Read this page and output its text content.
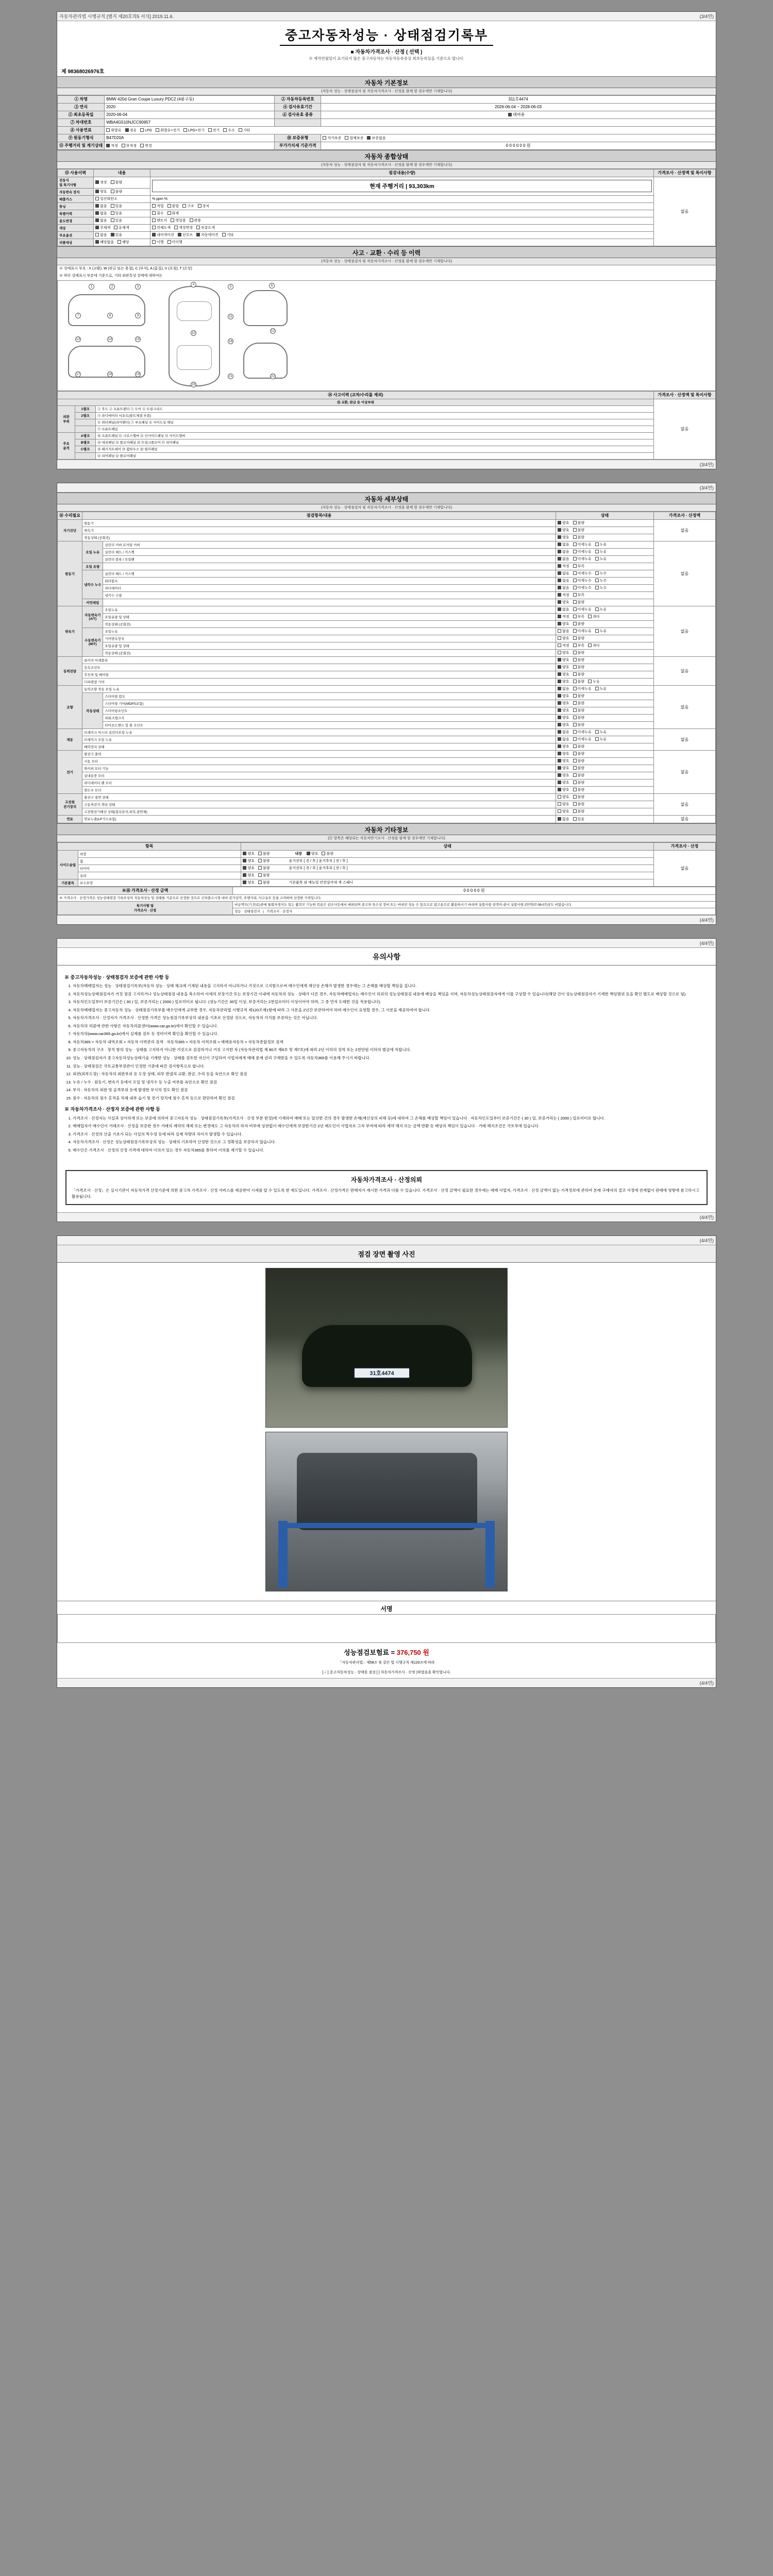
자동차관리법 시행규칙 [별지 제20호의5 서식] 2019.11.6.	(3/4면)
중고자동차성능 · 상태점검기록부
■ 자동차가격조사 · 산정 ( 선택 )
※ 제작연월일이 표기되지 않은 중고자동차는 자동차등록증상 최초등록일을 기준으로 합니다.
제 98368026976호
자동차 기본정보
(자동차 성능 · 상태점검자 및 자동차가격조사 · 산정을 함께 할 경우에만 기재합니다)
① 차명	BMW 420d Gran Coupe Luxury PDC2 (4륜구동)	② 자동차등록번호	311호4474
③ 연식	2020	④ 검사유효기간	2026-06-04 ~ 2028-06-03
⑤ 최초등록일	2020-06-04	⑥ 검사유효 종류	대여용
⑦ 차대번호	WBA4G510NJCC90957		
⑧ 사용연료	휘발유 경유 LPG 휘발유+전기 LPG+전기 전기 수소 기타		
⑨ 원동기형식	B47D20A	⑩ 보증유형	자가보증 업체보증 보증없음
⑪ 주행거리 및 계기상태	적정 부적정 변경	부가가치세 기준가격	0 0 0 0 0 0 원
자동차 종합상태
(자동차 성능 · 상태점검자 및 자동차가격조사 · 산정을 함께 할 경우에만 기재합니다)
⑬ 사용이력	내용	점검내용(수량)	가격조사 · 산정액 및 특이사항
전동식
및 특기사항	정상 불량	현재 주행거리 | 93,303km	없음
자동변속 장치	양호 불량		
배출가스	일산화탄소	% ppm %	
튜닝	없음 있음	적법 불법 구조 장치	
특별이력	없음 있음	침수 화재	
용도변경	없음 있음	렌트카 영업용 관용	
색상	무채색 유채색	전체도색 색상변경 부분도색	
주요옵션	없음 있음	내비게이션 선루프 자동에어컨 기타	
리콜대상	해당없음 해당	이행 미이행	
사고 · 교환 · 수리 등 이력
(자동차 성능 · 상태점검자 및 자동차가격조사 · 산정을 함께 할 경우에만 기재합니다)
※ 상태표시 부호 : X (교환), W (판금 또는 용접), C (부식), A (흠집), U (요철), T (손상)
※ 하단 상태표시 부분에 기준으로, 기타 외관특성 상태에 대하여는
1	2	3
4
5	6
7	8	9
10
11
12
13	14	15
16
17	18	19
20
21	22
⑭ 사고이력 (교차/수리를 제외)			가격조사 · 산정액 및 특이사항
⑮ 교환, 판금 등 이상부위			없음
외판
부위	1랭크	① 후드 ② 프론트펜더 ③ 도어 ④ 트렁크리드	
	2랭크	⑤ 라디에이터 서포트(볼트체결 부품)	
		⑥ 쿼터패널(리어펜더) ⑦ 루프패널 ⑧ 사이드실 패널	
		⑨ 프론트패널	
주요
골격	A랭크	⑩ 프론트패널 ⑪ 크로스멤버 ⑫ 인사이드패널 ⑬ 사이드멤버	
	B랭크	⑭ 대쉬패널 ⑮ 플로어패널 ⑯ 트렁크플로어 ⑰ 리어패널	
	C랭크	⑱ 패키지트레이 ⑲ 휠하우스 ⑳ 필러패널	
		㉑ 리어패널 ㉒ 플로어패널	
(3/4면)
(3/4면)
자동차 세부상태
(자동차 성능 · 상태점검자 및 자동차가격조사 · 산정을 함께 할 경우에만 기재합니다)
⑯ 수리필요	점검항목/내용		상태	가격조사 · 산정액
자기진단	원동기		양호 불량	없음
	변속기		양호 불량	
	작동상태 (공회전)		양호 불량	
원동기	오일 누유	실린더 커버 로커암 커버	없음 미세누유 누유	없음
		실린더 헤드 / 가스켓	없음 미세누유 누유	
		실린더 블록 / 오일팬	없음 미세누유 누유	
	오일 유량		적정 부족	
	냉각수 누수	실린더 헤드 / 가스켓	없음 미세누수 누수	
		워터펌프	없음 미세누수 누수	
		라디에이터	없음 미세누수 누수	
		냉각수 수량	적정 부족	
	커먼레일		양호 불량	
변속기	자동변속기
(A/T)	오일누유	없음 미세누유 누유	없음
		오일유량 및 상태	적정 부족 과다	
		작동상태 (공회전)	양호 불량	
	수동변속기
(M/T)	오일누유	없음 미세누유 누유	
		기어변속장치	양호 불량	
		오일유량 및 상태	적정 부족 과다	
		작동상태 (공회전)	양호 불량	
동력전달	클러치 어셈블리		양호 불량	없음
	등속조인트		양호 불량	
	추진축 및 베어링		양호 불량	
	디퍼렌셜 기어		양호 불량 누유	
조향	동력조향 작동 오일 누유		없음 미세누유 누유	없음
	작동상태	스티어링 펌프	양호 불량	
		스티어링 기어(MDPS포함)	양호 불량	
		스티어링조인트	양호 불량	
		파워크랭크식	양호 불량	
		타이로드엔드 및 볼 조인트	양호 불량	
제동	브레이크 마스터 실린더오일 누유		없음 미세누유 누유	없음
	브레이크 오일 누유		없음 미세누유 누유	
	배력장치 상태		양호 불량	
전기	발전기 출력		양호 불량	없음
	시동 모터		양호 불량	
	와이퍼 모터 기능		양호 불량	
	실내송풍 모터		양호 불량	
	라디에이터 팬 모터		양호 불량	
	윈도우 모터		양호 불량	
고전원
전기장치	충전구 절연 상태		양호 불량	없음
	구동축전지 격리 상태		양호 불량	
	고전원전기배선 상태(접속단자,피복,절연체)		양호 불량	
연료	연료누출(LP가스포함)		없음 있음	없음
자동차 기타정보
(⑰ 항목은 해당되는 자동차만기조사 · 산정을 함께 할 경우에만 기재합니다)
항목		상태	가격조사 · 산정
사이드슬립	외장	양호 불량 내장 양호 불량	없음
	휠	양호 불량 윤거전부 [ 전 / 후 ] 윤거후부 [ 전 / 후 ]	
	타이어	양호 불량 윤거전부 [ 전 / 후 ] 윤거후부 [ 전 / 후 ]	
	유리	양호 불량	
기본품목	보수요망	양호 불량 기본품목 외 매뉴얼 안전삼각대 잭 스패너	
※⑱ 가격조사 · 산정 금액	0 0 0 0 0 원
※ 가격조사 · 산정가격은 성능상태점검 기록부상의 자동차성능 및 상태를 기준으로 산정한 것으로 신차출고시점 대비 감가상각, 주행거리, 사고유무 등을 고려하여 산정한 가격입니다.	
특기사항 및
가격조사 · 산정	비금액무(기,만료)중에 물회자생식도 있는 활복무 기능한 복용은 권조사등에서 에외되며 중고차 특수상 정비 또는 바내진 성능 수 있으므로 참고용으로 활용하시기 바라며 실품사항 권적이-관시 실품사항 2만억07-08-07)상도 비없습니다.
	성능 · 상태점검자   |   가격조사 · 산정자
(4/4면)
(4/4면)
유의사항
※ 중고자동차성능 · 상태점검자 보증에 관한 사항 등
1. 자동차매매업자는 성능 · 상태점검기록부(자동차 성능 · 상태 체크에 기재된 내용을 고지하지 아니하거나 거짓으로 고지함으로써 매수인에게 재산상 손해가 발생한 경우에는 그 손해를 배상할 책임을 집니다.
2. 자동차성능상태점검자가 거짓 점검 고지하거나 성능상태점검 내용을 축소하여 이에의 보장기간 또는 보장기간 이내에 자동차의 성능 · 상태가 다른 경우, 자동차매매업자는 매수인이 허위의 성능상태점검 내용에 배상을 책임을 지며, 자동차성능상태점검자에게 이를 구상할 수 있습니다(해당 건이 성능상태점검자가 기재한 책임범위 등을 확인 별도로 배상할 것으로 됨).
3. 자동차인도일부터 보증기간은 ( 30 ) 일, 보증거리는 ( 2000 ) 킬로미터로 됩니다. (성능기간은 30일 이상, 보증거리는 2천킬로미터 이상이어야 하며, 그 중 먼저 도래한 것을 적용합니다).
4. 자동차매매업자는 중고자동차 성능 · 상태점검기록부를 매수인에게 교부한 경우, 자동차관리법 시행규칙 제120조제1항에 따라 그 사본을 2년간 보관하여야 하며 매수인이 요청할 경우, 그 사본을 제공하여야 합니다.
5. 자동차가격조사 · 산정자가 가격조사 · 산정한 가격은 성능점검기록부상의 내용을 기초로 산정된 것으로, 자동차의 가치를 보증하는 것은 아닙니다.
6. 자동차의 리콜에 관한 사항은 자동차리콜센터(www.car.go.kr)에서 확인할 수 있습니다.
7. 자동차의(www.car365.go.kr)에서 실제를 검토 등 정비이력 확인을 확인할 수 있습니다.
8. 자동차365 > 자동차 내역조회 > 자동차 이력관리 검색 · 자동차365 > 자동차 이력조회 > 매매용자동차 > 자동차종합정보 검색
9. 중고자동차의 구조 · 장치 함의 성능 · 상태를 고지하지 아니한 거짓으로 검검하거나 거짓 고지한 자 (자동차관리법 제 80조 제6호 및 제7호)에 따라 2년 이하의 징역 또는 2천만원 이하의 벌금에 처합니다.
10. 성능 · 상태점검자가 중고자동차성능상태기술 기재한 성능 · 상태를 검토한 자신이 구입하여 사업자에게 매매 문제 권리 구제받을 수 있도록 자동차365를 이용해 주시기 바랍니다.
11. 성능 · 상태점검은 국토교통부장관이 인정한 기준에 따른 검사항목으로 합니다.
12. 외관(외부도장) : 자동차의 외판부위 등 도장 상태, 외부 판넬의 교환, 판금, 수리 등을 육안으로 확인 점검
13. 누유 / 누수 : 원동기, 변속기 등에서 오일 및 냉각수 등 누출 여부를 육안으로 확인 점검
14. 부식 : 자동차의 외판 및 골격부위 등에 발생한 부식의 정도 확인 점검
15. 침수 : 자동차의 침수 흔적을 차체 내부 습기 및 전기 장치에 침수 흔적 등으로 판단하여 확인 점검
※ 자동차가격조사 · 산정자 보증에 관한 사항 등
1. 가격조사 · 산정자는 사실과 상이하게 또는 보증에 의하여 중고자동차 성능 · 상태점검기록부(가격조사 · 산정 부분 한정)에 기재하여 매매 또는 알선한 건의 경우 발생한 손해(재산상의 피해 등)에 대하여 그 손해를 배상할 책임이 있습니다 · 자동차인도일부터 보증기간은 ( 30 ) 일, 보증거리는 ( 2000 ) 킬로미터로 합니다.
2. 매매업자가 매수인이 거래조사 · 산정을 보증한 경우 거래의 계약의 해제 또는 변경에도 그 자동차의 하자 여부에 상관없이 매수인에게 보장한기간 2년 매도인이 사업자로 그자 부여에 따라 계약 해지 또는 금액 반환 등 배상의 책임이 있습니다 · 거래 해지조건은 국토부에 있습니다.
3. 가격조사 · 산정의 산출 기초가 되는 사실의 특수성 등에 따라 실제 차량과 차이가 발생할 수 있습니다.
4. 자동차가격조사 · 산정은 성능상태점검기록부상의 성능 · 상태의 기초하여 산정한 것으로 그 정확성을 보증하지 않습니다.
5. 매수인은 가격조사 · 산정의 산정 가격에 대하여 이의가 있는 경우 자동차365를 통하여 이의를 제기할 수 있습니다.
자동차가격조사 · 산정의뢰
「가격조사 · 산정」은 실시기관이 자동차가격 산정기준에 의한 중고차 가격조사 · 산정 서비스를 제공받아 시세를 알 수 있도록 한 제도입니다. 가격조사 · 산정가격은 판매자가 제시한 가격과 다를 수 있습니다. 가격조사 · 산정 금액이 필요한 경우에는 매매 사업자, 가격조사 · 산정 금액이 없는 가격정보에 관하여 본래 구매자의 결코 사정에 관계없이 판매에 영향에 참고하시고 활용됩니다.
(4/4면)
(4/4면)
점검 장면 촬영 사진
31호4474
서명
성능점검보험료 = 376,750 원
「자동차관리법」제58조 및 같은 법 시행규칙 제120조에 따라
[ ✓ ] 중고자동차성능 · 상태를 점검 [ ] 자동차가격조사 · 산정 )하였음을 확인합니다.
(4/4면)
